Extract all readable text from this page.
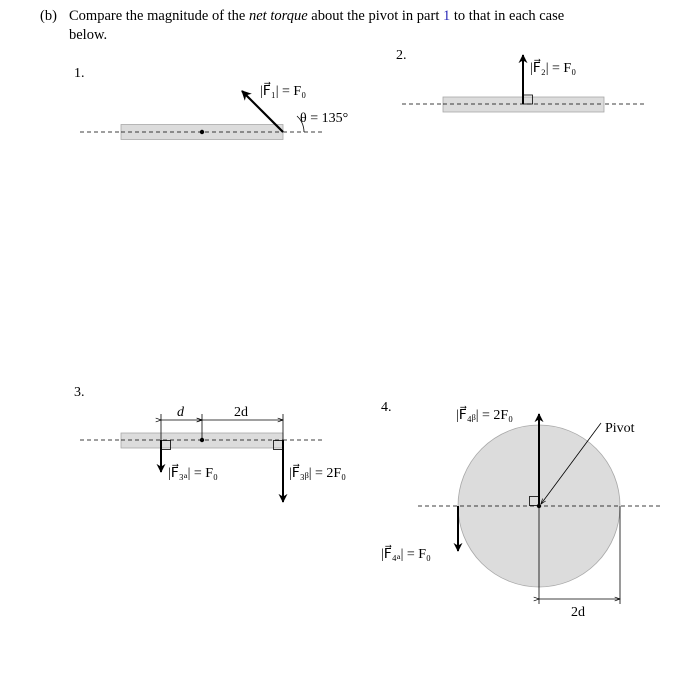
(b) Compare the magnitude of the net torque about the pivot in part 1 to that in each case
below.
1.
|F⃗₁| = F₀
θ = 135°
2.
|F⃗₂| = F₀
3.
d	2d
|F⃗₃ₐ| = F₀	|F⃗₃ᵦ| = 2F₀
4.
2d
|F⃗₄ᵦ| = 2F₀
|F⃗₄ₐ| = F₀
Pivot
